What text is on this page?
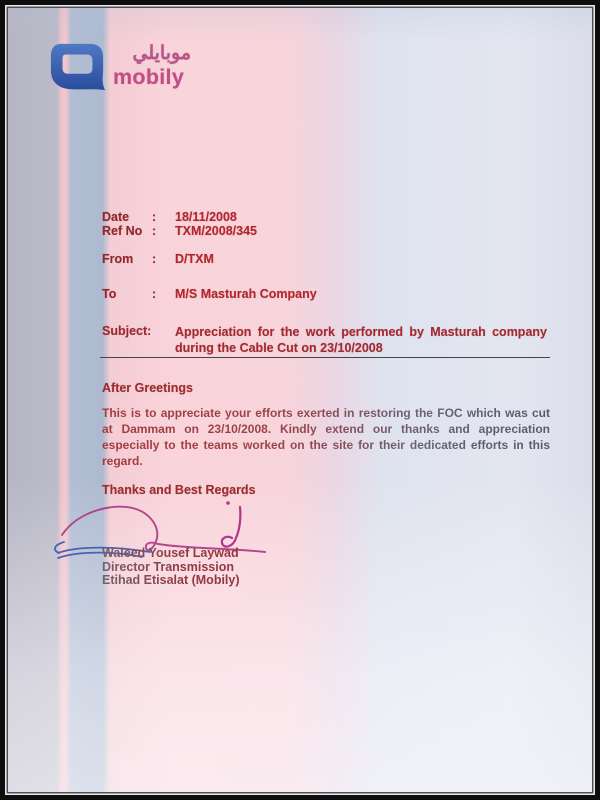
موبايلي
mobily
Date	:	18/11/2008
Ref No :	TXM/2008/345
From	:	D/TXM
To	:	M/S Masturah Company
Subject:	Appreciation for the work performed by Masturah company
during the Cable Cut on 23/10/2008
After Greetings
This is to appreciate your efforts exerted in restoring the FOC which was cut
at Dammam on 23/10/2008. Kindly extend our thanks and appreciation
especially to the teams worked on the site for their dedicated efforts in this
regard.
Thanks and Best Regards
Waleed Yousef Laywad
Director Transmission
Etihad Etisalat (Mobily)
